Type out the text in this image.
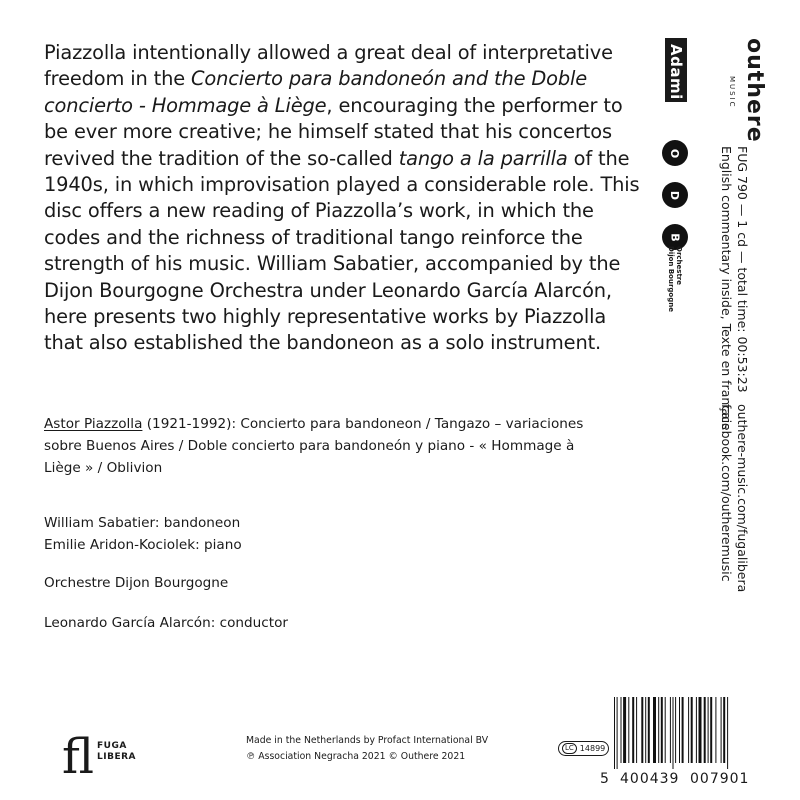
Piazzolla intentionally allowed a great deal of interpretative freedom in the Concierto para bandoneón and the Doble concierto - Hommage à Liège, encouraging the performer to be ever more creative; he himself stated that his concertos revived the tradition of the so-called tango a la parrilla of the 1940s, in which improvisation played a considerable role. This disc offers a new reading of Piazzolla’s work, in which the codes and the richness of traditional tango reinforce the strength of his music. William Sabatier, accompanied by the Dijon Bourgogne Orchestra under Leonardo García Alarcón, here presents two highly representative works by Piazzolla that also established the bandoneon as a solo instrument.

Astor Piazzolla (1921-1992): Concierto para bandoneon / Tangazo – variaciones sobre Buenos Aires / Doble concierto para bandoneón y piano - « Hommage à Liège » / Oblivion
William Sabatier: bandoneon
Emilie Aridon-Kociolek: piano
Orchestre Dijon Bourgogne
Leonardo García Alarcón: conductor
Adami	outhere
MUSIC
O
D
B
Orchestre
Dijon Bourgogne	FUG 790 — 1 cd — total time: 00:53:23
English commentary inside, Texte en français
outhere-music.com/fugalibera
facebook.com/outheremusic
fl FUGA
LIBERA
Made in the Netherlands by Profact International BV
℗ Association Negracha 2021 © Outhere 2021
LC 14899
5 400439 007901
